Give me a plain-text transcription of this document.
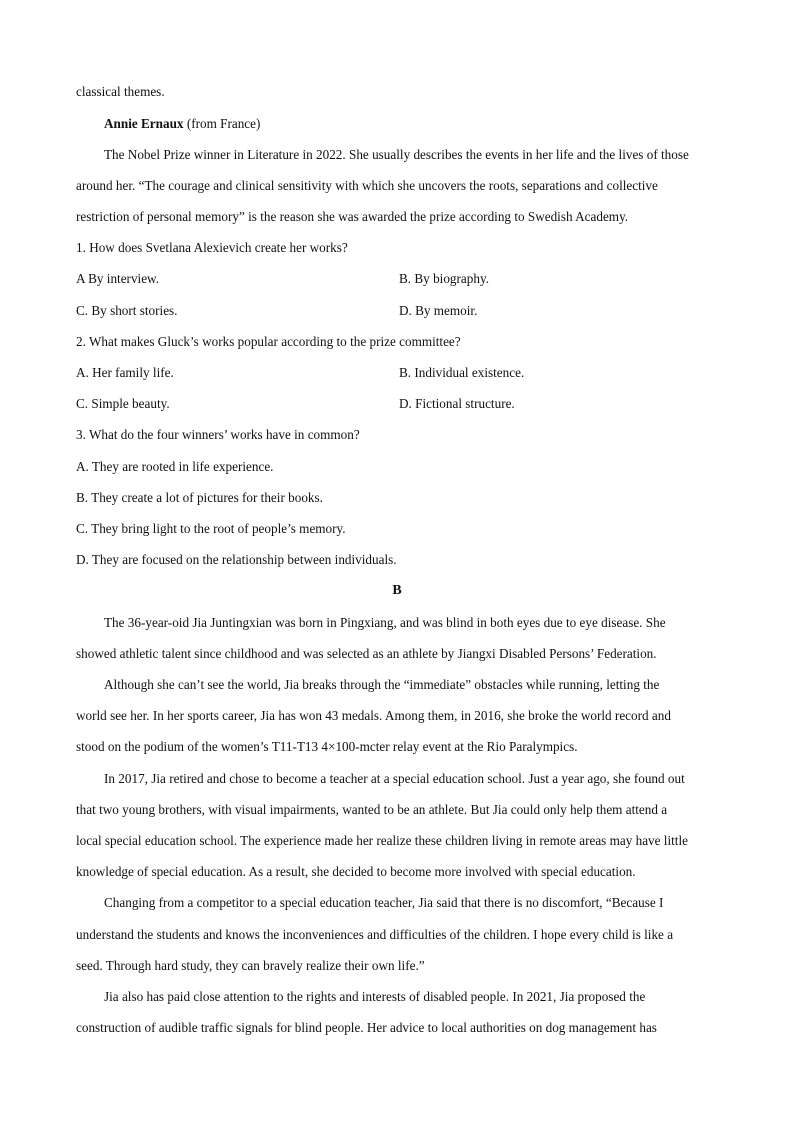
classical themes.
Annie Ernaux (from France)
The Nobel Prize winner in Literature in 2022. She usually describes the events in her life and the lives of those
around her. “The courage and clinical sensitivity with which she uncovers the roots, separations and collective
restriction of personal memory” is the reason she was awarded the prize according to Swedish Academy.
1. How does Svetlana Alexievich create her works?
A By interview.	B. By biography.
C. By short stories.	D. By memoir.
2. What makes Gluck’s works popular according to the prize committee?
A. Her family life.	B. Individual existence.
C. Simple beauty.	D. Fictional structure.
3. What do the four winners’ works have in common?
A. They are rooted in life experience.
B. They create a lot of pictures for their books.
C. They bring light to the root of people’s memory.
D. They are focused on the relationship between individuals.
B
The 36-year-oid Jia Juntingxian was born in Pingxiang, and was blind in both eyes due to eye disease. She
showed athletic talent since childhood and was selected as an athlete by Jiangxi Disabled Persons’ Federation.
Although she can’t see the world, Jia breaks through the “immediate” obstacles while running, letting the
world see her. In her sports career, Jia has won 43 medals. Among them, in 2016, she broke the world record and
stood on the podium of the women’s T11-T13 4×100-mcter relay event at the Rio Paralympics.
In 2017, Jia retired and chose to become a teacher at a special education school. Just a year ago, she found out
that two young brothers, with visual impairments, wanted to be an athlete. But Jia could only help them attend a
local special education school. The experience made her realize these children living in remote areas may have little
knowledge of special education. As a result, she decided to become more involved with special education.
Changing from a competitor to a special education teacher, Jia said that there is no discomfort, “Because I
understand the students and knows the inconveniences and difficulties of the children. I hope every child is like a
seed. Through hard study, they can bravely realize their own life.”
Jia also has paid close attention to the rights and interests of disabled people. In 2021, Jia proposed the
construction of audible traffic signals for blind people. Her advice to local authorities on dog management has
